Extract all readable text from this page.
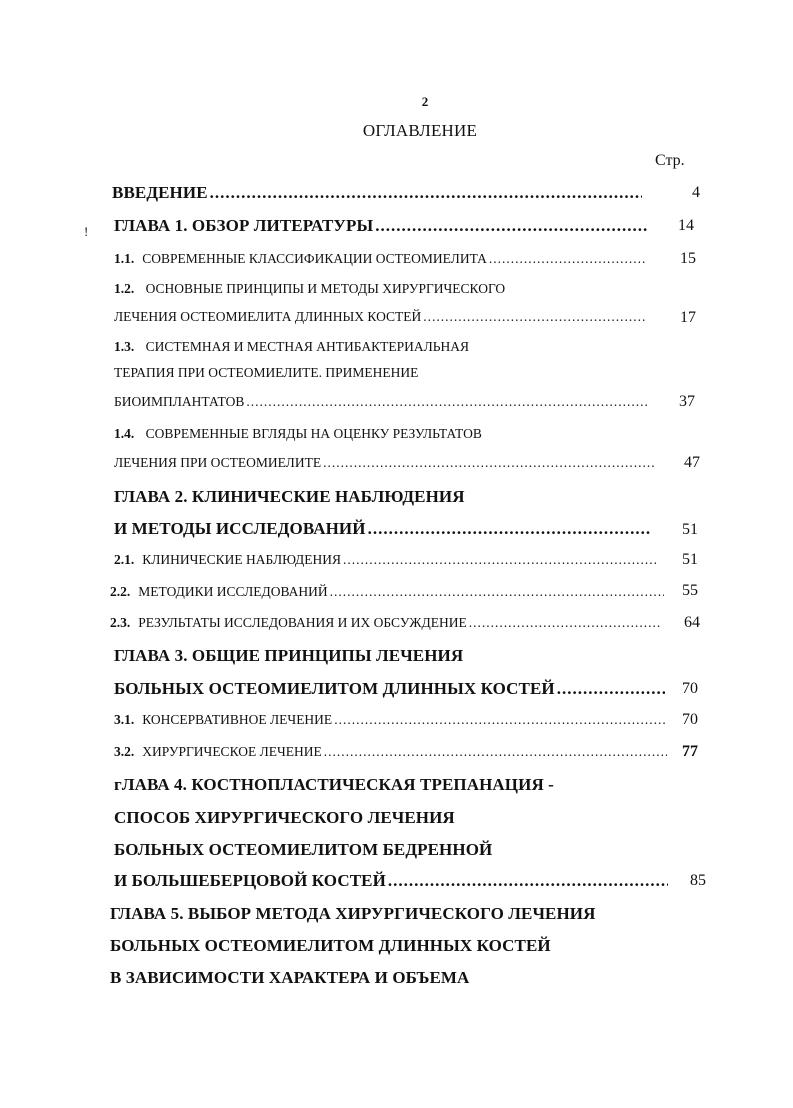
2
ОГЛАВЛЕНИЕ
Стр.
!
ВВЕДЕНИЕ .....	4
ГЛАВА 1. ОБЗОР ЛИТЕРАТУРЫ .....	14
1.1. СОВРЕМЕННЫЕ КЛАССИФИКАЦИИ ОСТЕОМИЕЛИТА .....	15
1.2. ОСНОВНЫЕ ПРИНЦИПЫ И МЕТОДЫ ХИРУРГИЧЕСКОГО
ЛЕЧЕНИЯ ОСТЕОМИЕЛИТА ДЛИННЫХ КОСТЕЙ .....	17
1.3. СИСТЕМНАЯ И МЕСТНАЯ АНТИБАКТЕРИАЛЬНАЯ
ТЕРАПИЯ ПРИ ОСТЕОМИЕЛИТЕ. ПРИМЕНЕНИЕ
БИОИМПЛАНТАТОВ .....	37
1.4. СОВРЕМЕННЫЕ ВГЛЯДЫ НА ОЦЕНКУ РЕЗУЛЬТАТОВ
ЛЕЧЕНИЯ ПРИ ОСТЕОМИЕЛИТЕ .....	47
ГЛАВА 2. КЛИНИЧЕСКИЕ НАБЛЮДЕНИЯ
И МЕТОДЫ ИССЛЕДОВАНИЙ .....	51
2.1. КЛИНИЧЕСКИЕ НАБЛЮДЕНИЯ .....	51
2.2. МЕТОДИКИ ИССЛЕДОВАНИЙ .....	55
2.3. РЕЗУЛЬТАТЫ ИССЛЕДОВАНИЯ И ИХ ОБСУЖДЕНИЕ .....	64
ГЛАВА 3. ОБЩИЕ ПРИНЦИПЫ ЛЕЧЕНИЯ
БОЛЬНЫХ ОСТЕОМИЕЛИТОМ ДЛИННЫХ КОСТЕЙ .....	70
3.1. КОНСЕРВАТИВНОЕ ЛЕЧЕНИЕ .....	70
3.2. ХИРУРГИЧЕСКОЕ ЛЕЧЕНИЕ .....	77
гЛАВА 4. КОСТНОПЛАСТИЧЕСКАЯ ТРЕПАНАЦИЯ -
СПОСОБ ХИРУРГИЧЕСКОГО ЛЕЧЕНИЯ
БОЛЬНЫХ ОСТЕОМИЕЛИТОМ БЕДРЕННОЙ
И БОЛЬШЕБЕРЦОВОЙ КОСТЕЙ .....	85
ГЛАВА 5. ВЫБОР МЕТОДА ХИРУРГИЧЕСКОГО ЛЕЧЕНИЯ
БОЛЬНЫХ ОСТЕОМИЕЛИТОМ ДЛИННЫХ КОСТЕЙ
В ЗАВИСИМОСТИ ХАРАКТЕРА И ОБЪЕМА
